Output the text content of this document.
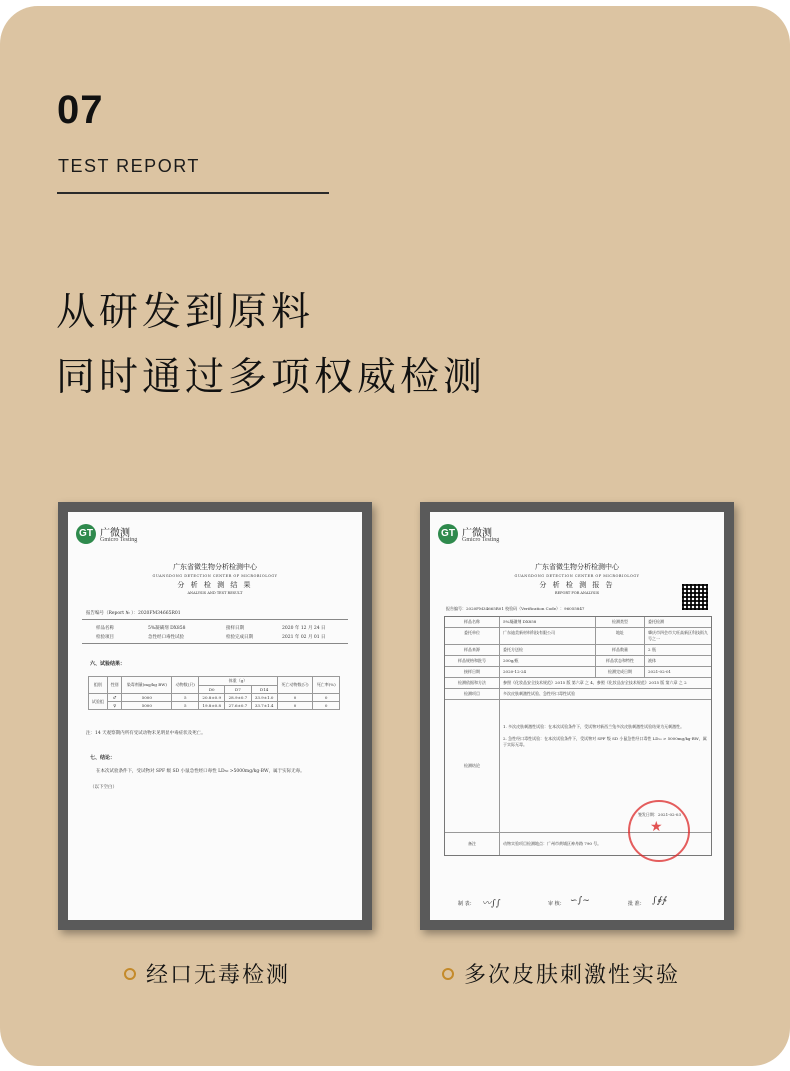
07
TEST REPORT
从研发到原料
同时通过多项权威检测
GT 广微测
Gmicro Testing
广东省微生物分析检测中心
GUANGDONG DETECTION CENTER OF MICROBIOLOGY
分 析 检 测 结 果
ANALYSIS AND TEST RESULT
报告编号（Report № ）：2020FM34665R01
样品名称	5%凝磺剂 DX858	接样日期	2020 年 12 月 24 日
检验项目	急性经口毒性试验	检验完成日期	2021 年 02 月 01 日
六、试验结果：
组别	性别	染毒剂量(mg/kg BW)	动物数(只)	体重（g）			死亡动物数(只)	死亡率(%)
				D0	D7	D14		
试验组	♂	5000	5	20.8±0.9	28.9±0.7	33.9±1.0	0	0
	♀	5000	5	19.8±0.8	27.6±0.7	33.7±1.4	0	0
注：14 天观察期内所有受试动物未见明显中毒症状及死亡。
七、结论：
在本次试验条件下，受试物对 SPF 级 SD 小鼠急性经口毒性 LD₅₀ >5000mg/kg·BW，属于实际无毒。
（以下空白）
GT 广微测
Gmicro Testing
广东省微生物分析检测中心
GUANGDONG DETECTION CENTER OF MICROBIOLOGY
分 析 检 测 报 告
REPORT FOR ANALYSIS
报告编号：2020FM34665R01 校验码（Verification Code）：96055847
样品名称	5%凝磺剂 DX858	检测类型	委托检测
委托单位	广东迪美新材料科技有限公司	地址	肇庆市四会市大旺高新区科技街九号之一
样品来源	委托方送检	样品数量	2 瓶
样品规格和批号	200g/瓶	样品状态和特性	液体
接样日期	2020-12-24	检测完成日期	2021-02-01
检测依据和方法	参照《化妆品安全技术规范》2015 版 第六章 之 4、参照《化妆品安全技术规范》2015 版 第六章 之 2
检测项目	多次皮肤刺激性试验、急性经口毒性试验
检测结论
1. 多次皮肤刺激性试验：在本次试验条件下，受试物对新西兰兔多次皮肤刺激性试验结果为无刺激性。
2. 急性经口毒性试验：在本次试验条件下，受试物对 SPF 级 SD 小鼠急性经口毒性 LD₅₀ > 5000mg/kg·BW，属于实际无毒。
签发日期：2021-02-03
备注	动物实验项目检测地点：广州市黄埔区神舟路 790 号。
★
制 表： 〰∫∫	审 核： ∽∫∼	批 准： ∫∮∱
经口无毒检测	多次皮肤刺激性实验
